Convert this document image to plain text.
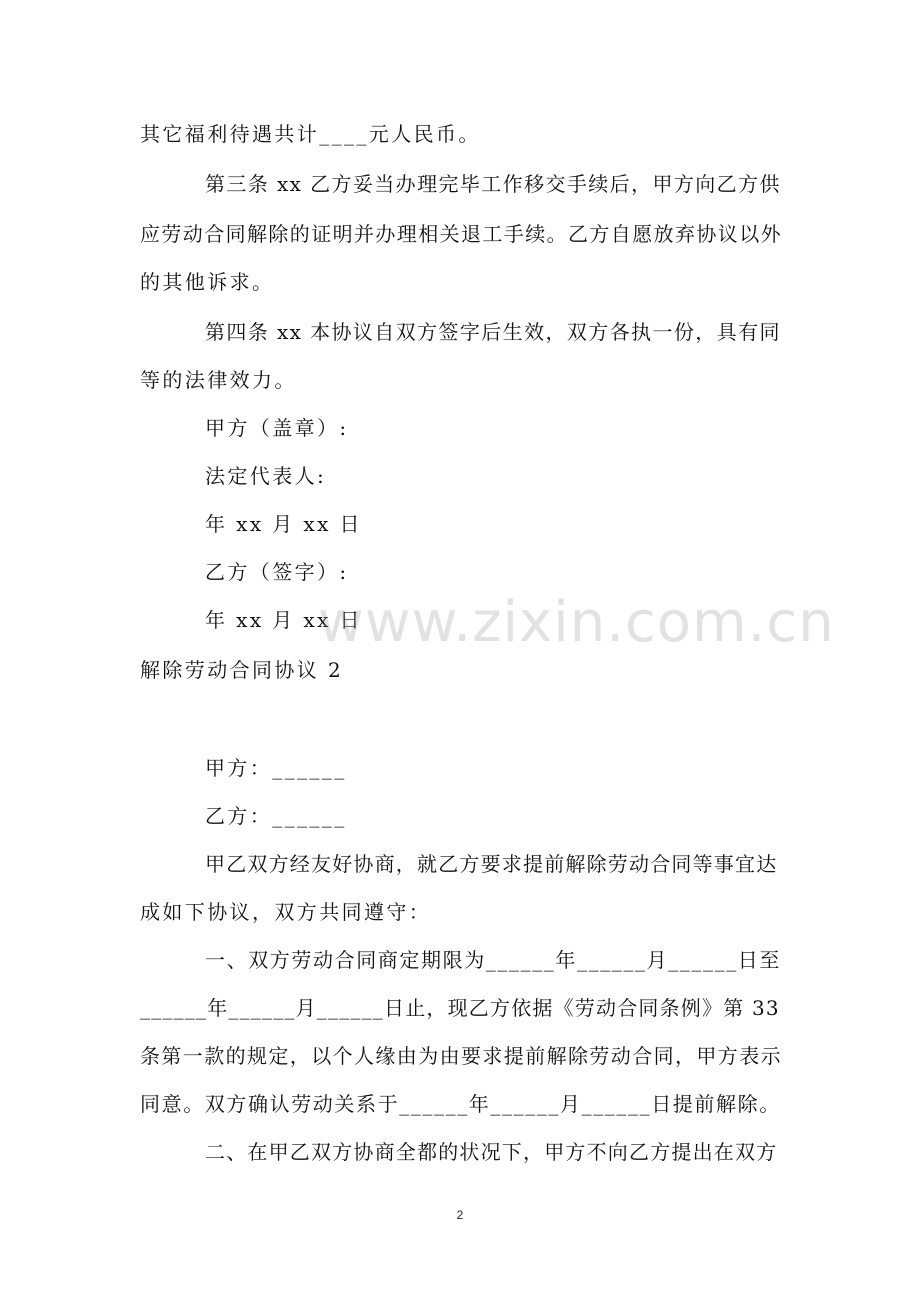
其它福利待遇共计____元人民币。
第三条 xx 乙方妥当办理完毕工作移交手续后，甲方向乙方供
应劳动合同解除的证明并办理相关退工手续。乙方自愿放弃协议以外
的其他诉求。
第四条 xx 本协议自双方签字后生效，双方各执一份，具有同
等的法律效力。
甲方（盖章）:
法定代表人:
年 xx 月 xx 日
乙方（签字）:
年 xx 月 xx 日
解除劳动合同协议 2
甲方：______
乙方：______
甲乙双方经友好协商，就乙方要求提前解除劳动合同等事宜达
成如下协议，双方共同遵守：
一、双方劳动合同商定期限为______年______月______日至
______年______月______日止，现乙方依据《劳动合同条例》第 33
条第一款的规定，以个人缘由为由要求提前解除劳动合同，甲方表示
同意。双方确认劳动关系于______年______月______日提前解除。
二、在甲乙双方协商全都的状况下，甲方不向乙方提出在双方
www.zixin.com.cn
2
